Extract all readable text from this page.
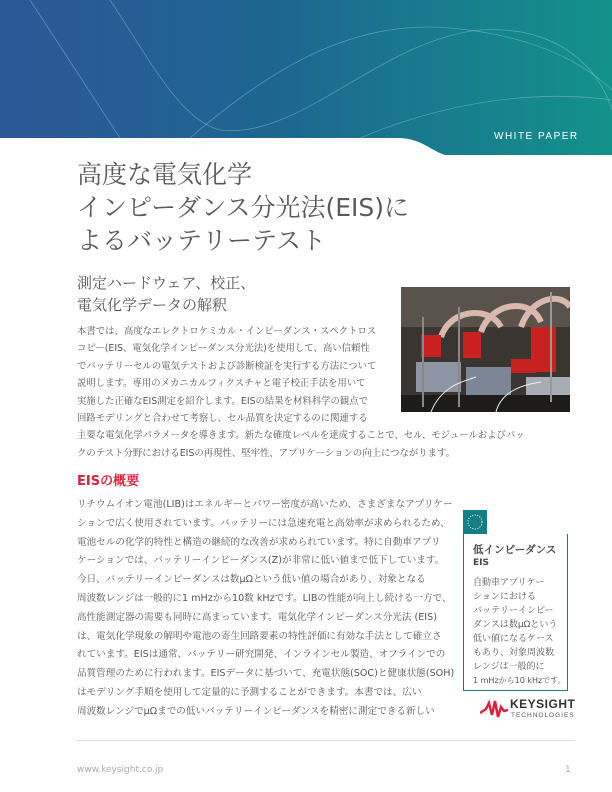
WHITE PAPER
高度な電気化学
インピーダンス分光法(EIS)に
よるバッテリーテスト
測定ハードウェア、校正、
電気化学データの解釈
本書では、高度なエレクトロケミカル・インピーダンス・スペクトロス
コピー(EIS、電気化学インピーダンス分光法)を使用して、高い信頼性
でバッテリーセルの電気テストおよび診断検証を実行する方法について
説明します。専用のメカニカルフィクスチャと電子校正手法を用いて
実施した正確なEIS測定を紹介します。EISの結果を材料科学の観点で
回路モデリングと合わせて考察し、セル品質を決定するのに関連する
主要な電気化学パラメータを導きます。新たな確度レベルを達成することで、セル、モジュールおよびパッ
クのテスト分野におけるEISの再現性、堅牢性、アプリケーションの向上につながります。
EISの概要
リチウムイオン電池(LIB)はエネルギーとパワー密度が高いため、さまざまなアプリケー
ションで広く使用されています。バッテリーには急速充電と高効率が求められるため、
電池セルの化学的特性と構造の継続的な改善が求められています。特に自動車アプリ
ケーションでは、バッテリーインピーダンス(Z)が非常に低い値まで低下しています。
今日、バッテリーインピーダンスは数μΩという低い値の場合があり、対象となる
周波数レンジは一般的に1 mHzから10数 kHzです。LIBの性能が向上し続ける一方で、
高性能測定器の需要も同時に高まっています。電気化学インピーダンス分光法 (EIS)
は、電気化学現象の解明や電池の寄生回路要素の特性評価に有効な手法として確立さ
れています。EISは通常、バッテリー研究開発、インラインセル製造、オフラインでの
品質管理のために行われます。EISデータに基づいて、充電状態(SOC)と健康状態(SOH)
はモデリング手順を使用して定量的に予測することができます。本書では、広い
周波数レンジでμΩまでの低いバッテリーインピーダンスを精密に測定できる新しい
低インピーダンス
EIS
自動車アプリケー
ションにおける
バッテリーインピー
ダンスは数μΩという
低い値になるケース
もあり、対象周波数
レンジは一般的に
1 mHzから10 kHzです。
KEYSIGHT
TECHNOLOGIES
www.keysight.co.jp	1
